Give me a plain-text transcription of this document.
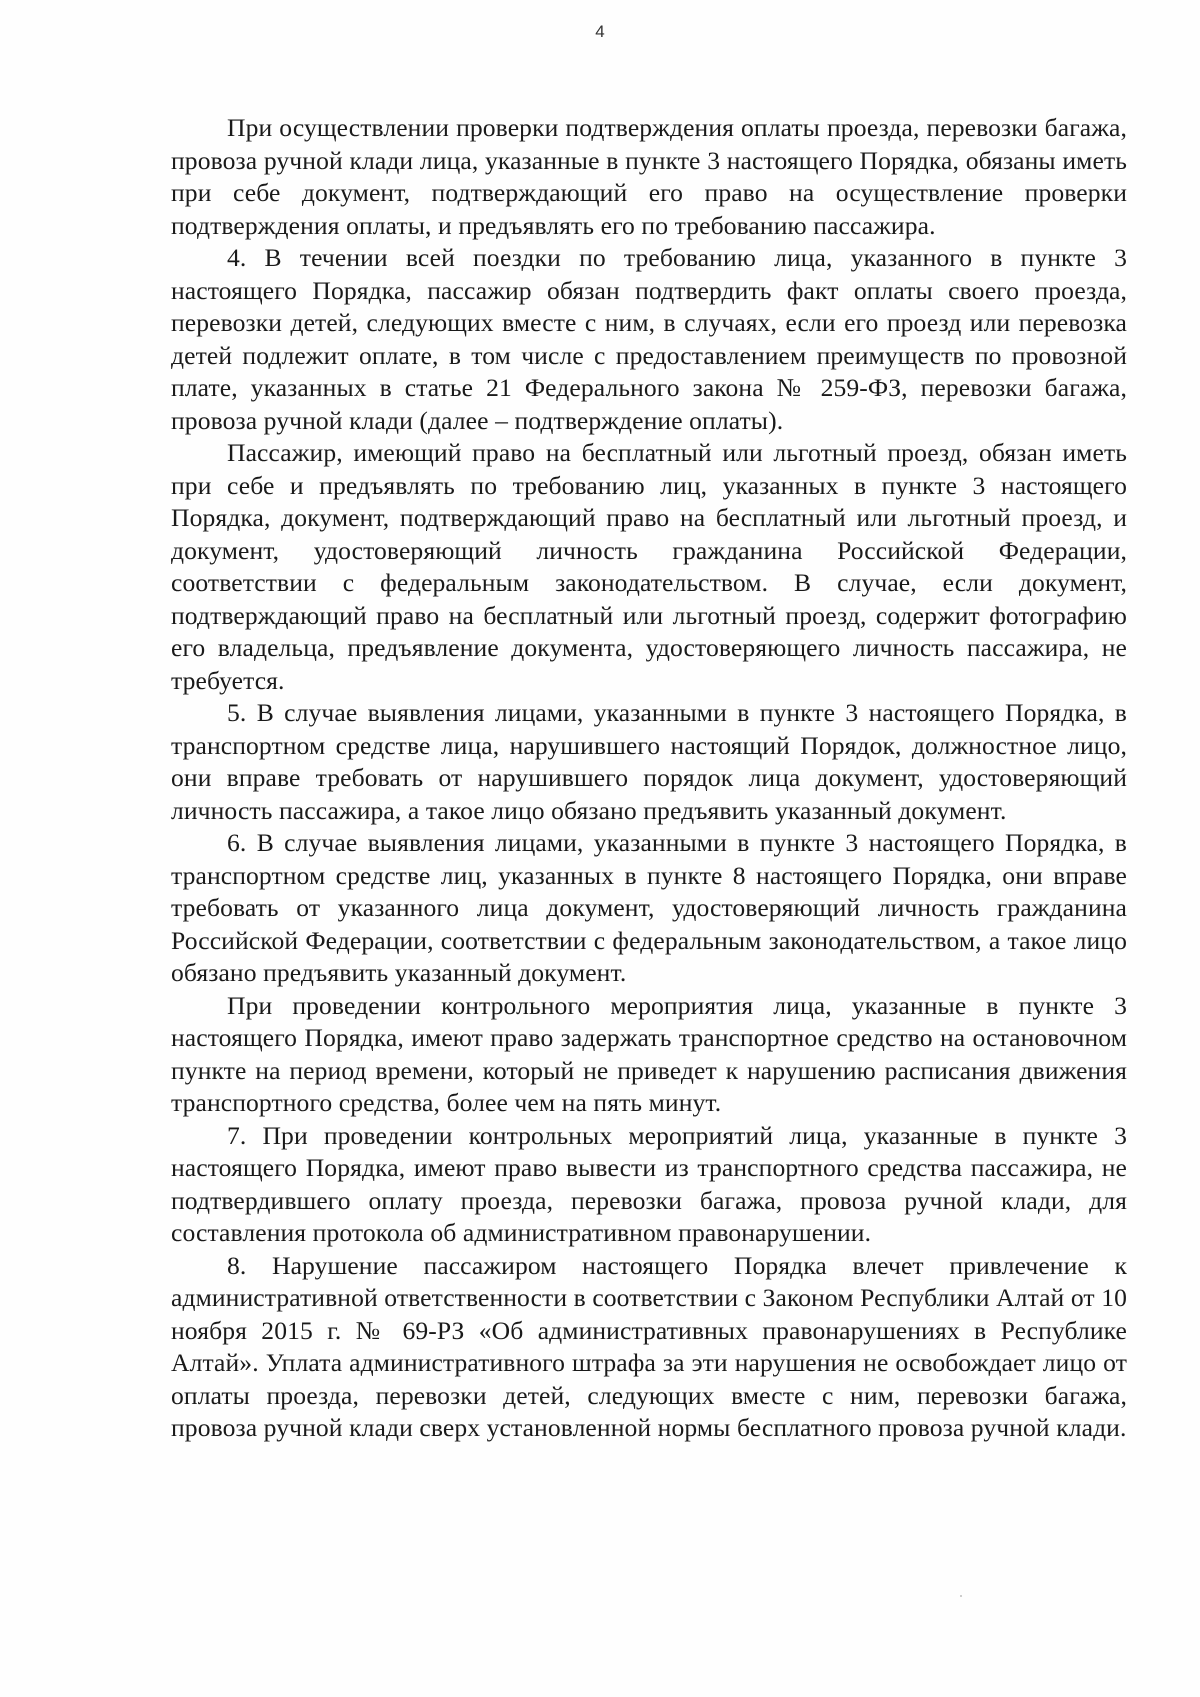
4

При осуществлении проверки подтверждения оплаты проезда, перевозки багажа, провоза ручной клади лица, указанные в пункте 3 настоящего Порядка, обязаны иметь при себе документ, подтверждающий его право на осуществление проверки подтверждения оплаты, и предъявлять его по требованию пассажира.

4. В течении всей поездки по требованию лица, указанного в пункте 3 настоящего Порядка, пассажир обязан подтвердить факт оплаты своего проезда, перевозки детей, следующих вместе с ним, в случаях, если его проезд или перевозка детей подлежит оплате, в том числе с предоставлением преимуществ по провозной плате, указанных в статье 21 Федерального закона № 259-ФЗ, перевозки багажа, провоза ручной клади (далее – подтверждение оплаты).

Пассажир, имеющий право на бесплатный или льготный проезд, обязан иметь при себе и предъявлять по требованию лиц, указанных в пункте 3 настоящего Порядка, документ, подтверждающий право на бесплатный или льготный проезд, и документ, удостоверяющий личность гражданина Российской Федерации, соответствии с федеральным законодательством. В случае, если документ, подтверждающий право на бесплатный или льготный проезд, содержит фотографию его владельца, предъявление документа, удостоверяющего личность пассажира, не требуется.

5. В случае выявления лицами, указанными в пункте 3 настоящего Порядка, в транспортном средстве лица, нарушившего настоящий Порядок, должностное лицо, они вправе требовать от нарушившего порядок лица документ, удостоверяющий личность пассажира, а такое лицо обязано предъявить указанный документ.

6. В случае выявления лицами, указанными в пункте 3 настоящего Порядка, в транспортном средстве лиц, указанных в пункте 8 настоящего Порядка, они вправе требовать от указанного лица документ, удостоверяющий личность гражданина Российской Федерации, соответствии с федеральным законодательством, а такое лицо обязано предъявить указанный документ.

При проведении контрольного мероприятия лица, указанные в пункте 3 настоящего Порядка, имеют право задержать транспортное средство на остановочном пункте на период времени, который не приведет к нарушению расписания движения транспортного средства, более чем на пять минут.

7. При проведении контрольных мероприятий лица, указанные в пункте 3 настоящего Порядка, имеют право вывести из транспортного средства пассажира, не подтвердившего оплату проезда, перевозки багажа, провоза ручной клади, для составления протокола об административном правонарушении.

8. Нарушение пассажиром настоящего Порядка влечет привлечение к административной ответственности в соответствии с Законом Республики Алтай от 10 ноября 2015 г. № 69-РЗ «Об административных правонарушениях в Республике Алтай». Уплата административного штрафа за эти нарушения не освобождает лицо от оплаты проезда, перевозки детей, следующих вместе с ним, перевозки багажа, провоза ручной клади сверх установленной нормы бесплатного провоза ручной клади.
